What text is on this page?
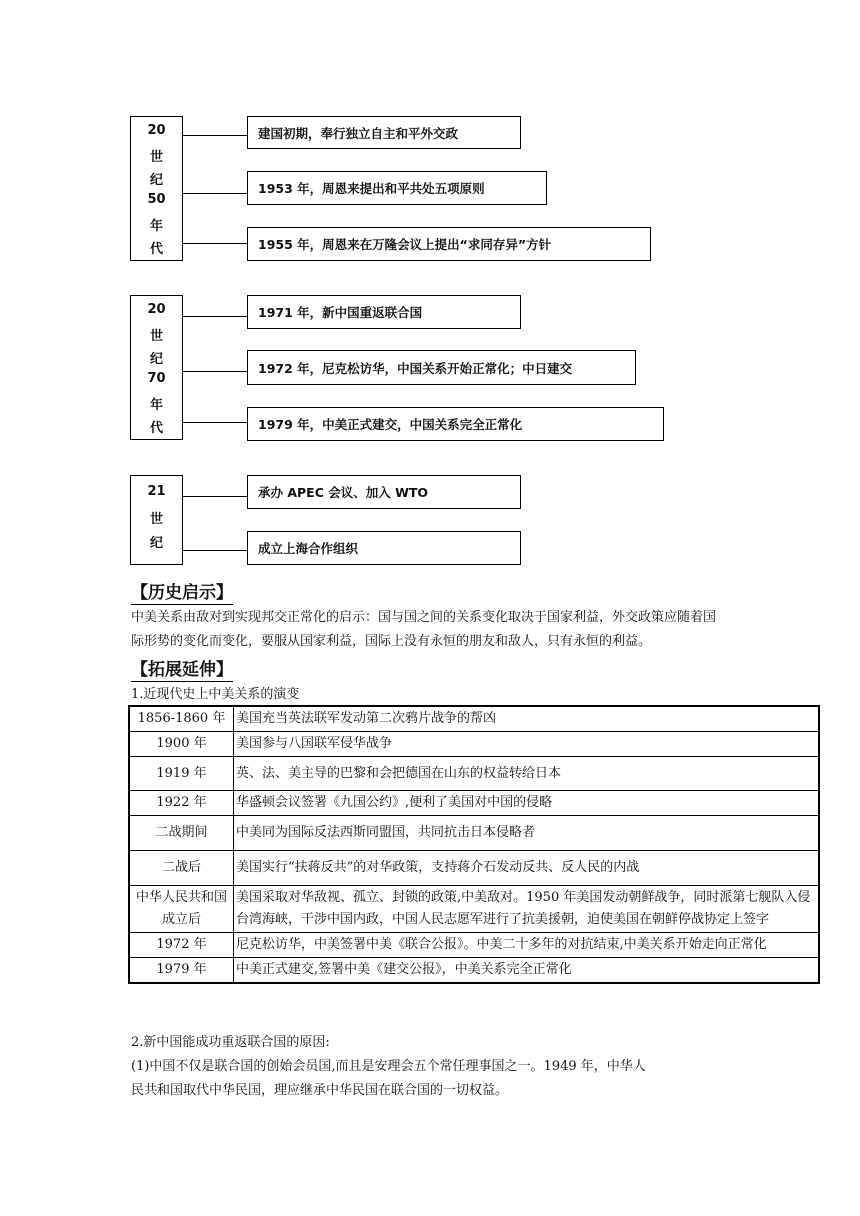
20
世
纪
50
年
代
建国初期，奉行独立自主和平外交政
1953 年，周恩来提出和平共处五项原则
1955 年，周恩来在万隆会议上提出“求同存异”方针
20
世
纪
70
年
代
1971 年，新中国重返联合国
1972 年，尼克松访华，中国关系开始正常化；中日建交
1979 年，中美正式建交，中国关系完全正常化
21
世
纪
承办 APEC 会议、加入 WTO
成立上海合作组织
【历史启示】
中美关系由敌对到实现邦交正常化的启示：国与国之间的关系变化取决于国家利益，外交政策应随着国
际形势的变化而变化，要服从国家利益，国际上没有永恒的朋友和敌人，只有永恒的利益。
【拓展延伸】
1.近现代史上中美关系的演变
1856-1860 年	美国充当英法联军发动第二次鸦片战争的帮凶
1900 年	美国参与八国联军侵华战争
1919 年	英、法、美主导的巴黎和会把德国在山东的权益转给日本
1922 年	华盛顿会议签署《九国公约》,便利了美国对中国的侵略
二战期间	中美同为国际反法西斯同盟国，共同抗击日本侵略者
二战后	美国实行“扶蒋反共”的对华政策，支持蒋介石发动反共、反人民的内战
中华人民共和国成立后	美国采取对华敌视、孤立、封锁的政策,中美敌对。1950 年美国发动朝鲜战争，同时派第七舰队入侵台湾海峡，干涉中国内政，中国人民志愿军进行了抗美援朝，迫使美国在朝鲜停战协定上签字
1972 年	尼克松访华，中美签署中美《联合公报》。中美二十多年的对抗结束,中美关系开始走向正常化
1979 年	中美正式建交,签署中美《建交公报》，中美关系完全正常化
2.新中国能成功重返联合国的原因:
(1)中国不仅是联合国的创始会员国,而且是安理会五个常任理事国之一。1949 年，中华人
民共和国取代中华民国，理应继承中华民国在联合国的一切权益。
